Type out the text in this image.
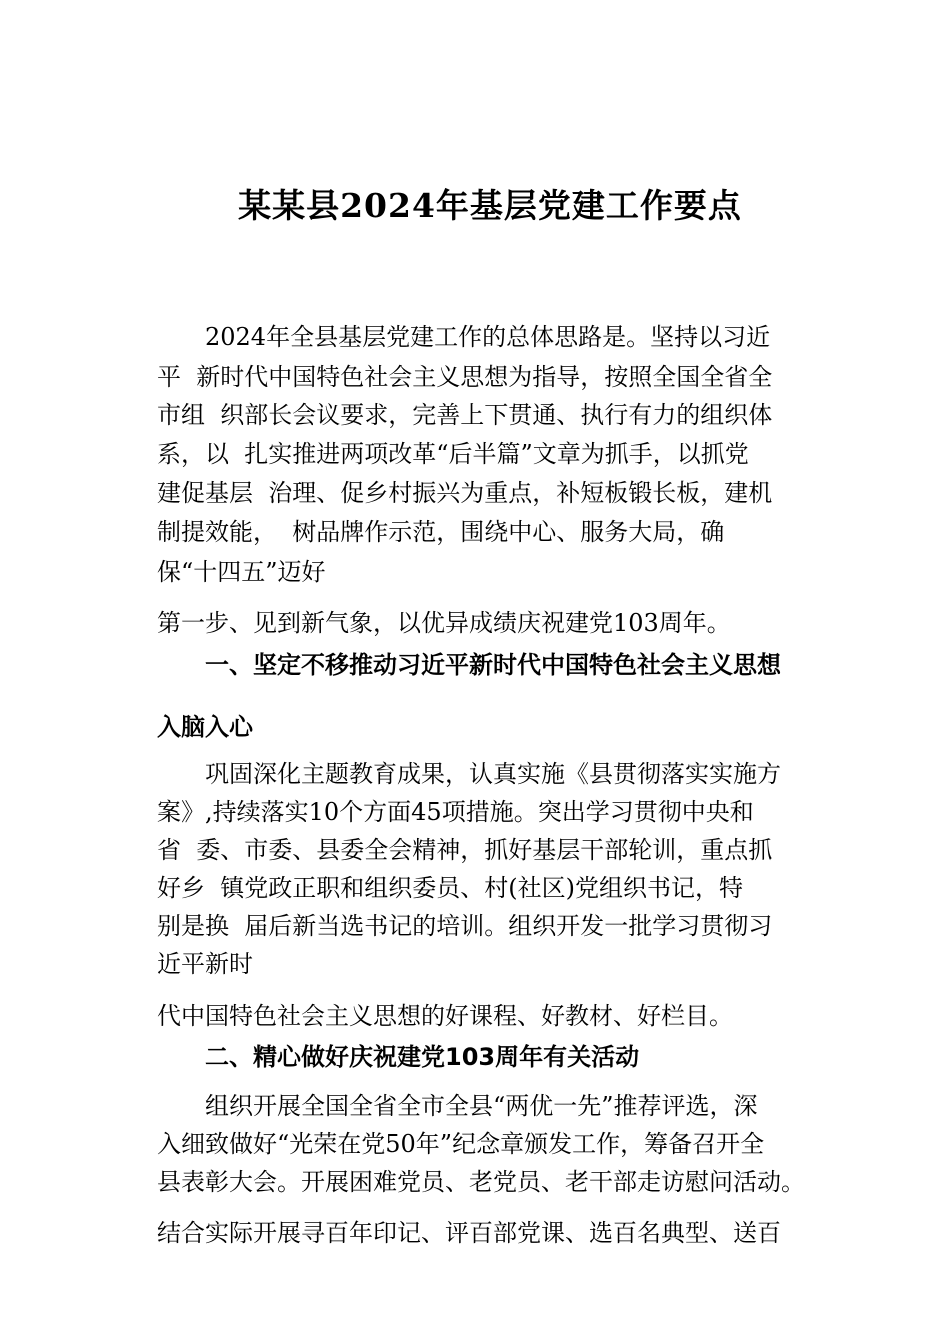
某某县2024年基层党建工作要点
2024年全县基层党建工作的总体思路是。坚持以习近
平  新时代中国特色社会主义思想为指导，按照全国全省全
市组  织部长会议要求，完善上下贯通、执行有力的组织体
系，以  扎实推进两项改革“后半篇”文章为抓手，以抓党
建促基层  治理、促乡村振兴为重点，补短板锻长板，建机
制提效能，  树品牌作示范，围绕中心、服务大局，确
保“十四五”迈好
第一步、见到新气象，以优异成绩庆祝建党103周年。
一、坚定不移推动习近平新时代中国特色社会主义思想
入脑入心
巩固深化主题教育成果，认真实施《县贯彻落实实施方
案》,持续落实10个方面45项措施。突出学习贯彻中央和
省  委、市委、县委全会精神，抓好基层干部轮训，重点抓
好乡  镇党政正职和组织委员、村(社区)党组织书记，特
别是换  届后新当选书记的培训。组织开发一批学习贯彻习
近平新时
代中国特色社会主义思想的好课程、好教材、好栏目。
二、精心做好庆祝建党103周年有关活动
组织开展全国全省全市全县“两优一先”推荐评选，深
入细致做好“光荣在党50年”纪念章颁发工作，筹备召开全
县表彰大会。开展困难党员、老党员、老干部走访慰问活动。
结合实际开展寻百年印记、评百部党课、选百名典型、送百
